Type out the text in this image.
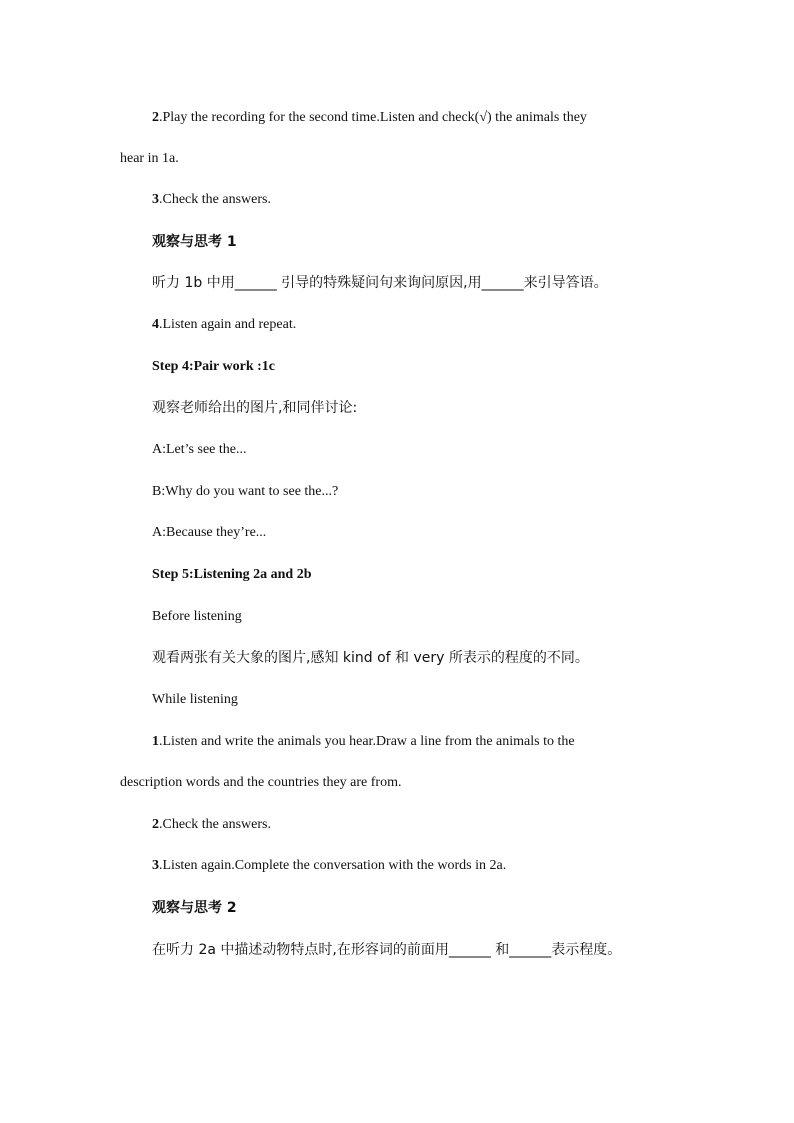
2.Play the recording for the second time.Listen and check(√) the animals they
hear in 1a.
3.Check the answers.
观察与思考 1
听力 1b 中用______ 引导的特殊疑问句来询问原因,用______来引导答语。
4.Listen again and repeat.
Step 4:Pair work :1c
观察老师给出的图片,和同伴讨论:
A:Let’s see the...
B:Why do you want to see the...?
A:Because they’re...
Step 5:Listening 2a and 2b
Before listening
观看两张有关大象的图片,感知 kind of 和 very 所表示的程度的不同。
While listening
1.Listen and write the animals you hear.Draw a line from the animals to the
description words and the countries they are from.
2.Check the answers.
3.Listen again.Complete the conversation with the words in 2a.
观察与思考 2
在听力 2a 中描述动物特点时,在形容词的前面用______ 和______表示程度。
